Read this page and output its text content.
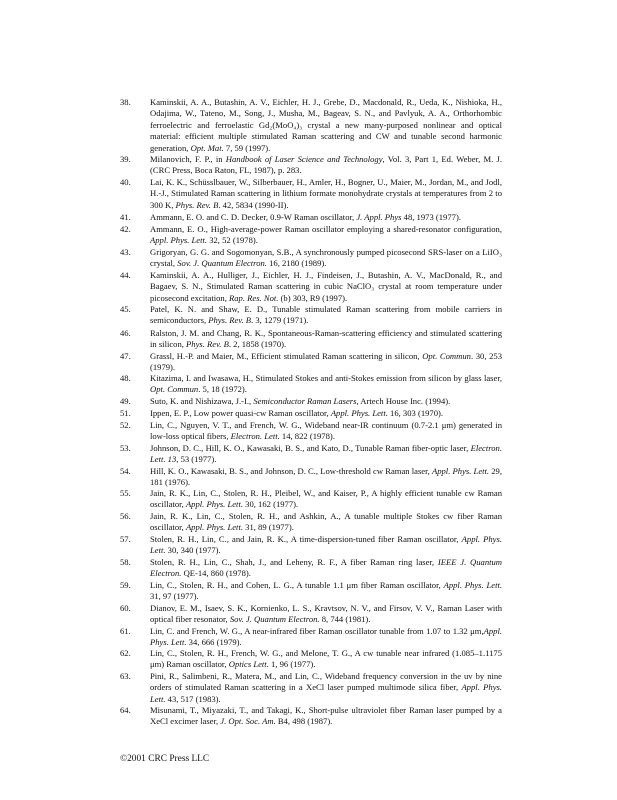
38. Kaminskii, A. A., Butashin, A. V., Eichler, H. J., Grebe, D., Macdonald, R., Ueda, K., Nishioka, H., Odajima, W., Tateno, M., Song, J., Musha, M., Bageav, S. N., and Pavlyuk, A. A., Orthorhombic ferroelectric and ferroelastic Gd₂(MoO₄)₃ crystal a new many-purposed nonlinear and optical material: efficient multiple stimulated Raman scattering and CW and tunable second harmonic generation, Opt. Mat. 7, 59 (1997).
39. Milanovich, F. P., in Handbook of Laser Science and Technology, Vol. 3, Part 1, Ed. Weber, M. J. (CRC Press, Boca Raton, FL, 1987), p. 283.
40. Lai, K. K., Schüsslbauer, W., Silberbauer, H., Amler, H., Bogner, U., Maier, M., Jordan, M., and Jodl, H.-J., Stimulated Raman scattering in lithium formate monohydrate crystals at temperatures from 2 to 300 K, Phys. Rev. B. 42, 5834 (1990-II).
41. Ammann, E. O. and C. D. Decker, 0.9-W Raman oscillator, J. Appl. Phys 48, 1973 (1977).
42. Ammann, E. O., High-average-power Raman oscillator employing a shared-resonator configuration, Appl. Phys. Lett. 32, 52 (1978).
43. Grigoryan, G. G. and Sogomonyan, S.B., A synchronously pumped picosecond SRS-laser on a LiIO₃ crystal, Sov. J. Quantum Electron. 16, 2180 (1989).
44. Kaminskii, A. A., Hulliger, J., Eichler, H. J., Findeisen, J., Butashin, A. V., MacDonald, R., and Bagaev, S. N., Stimulated Raman scattering in cubic NaClO₃ crystal at room temperature under picosecond excitation, Rap. Res. Not. (b) 303, R9 (1997).
45. Patel, K. N. and Shaw, E. D., Tunable stimulated Raman scattering from mobile carriers in semiconductors, Phys. Rev. B. 3, 1279 (1971).
46. Ralston, J. M. and Chang, R. K., Spontaneous-Raman-scattering efficiency and stimulated scattering in silicon, Phys. Rev. B. 2, 1858 (1970).
47. Grassl, H.-P. and Maier, M., Efficient stimulated Raman scattering in silicon, Opt. Commun. 30, 253 (1979).
48. Kitazima, I. and Iwasawa, H., Stimulated Stokes and anti-Stokes emission from silicon by glass laser, Opt. Commun. 5, 18 (1972).
49. Suto, K. and Nishizawa, J.-I., Semiconductor Raman Lasers, Artech House Inc. (1994).
51. Ippen, E. P., Low power quasi-cw Raman oscillator, Appl. Phys. Lett. 16, 303 (1970).
52. Lin, C., Nguyen, V. T., and French, W. G., Wideband near-IR continuum (0.7-2.1 μm) generated in low-loss optical fibers, Electron. Lett. 14, 822 (1978).
53. Johnson, D. C., Hill, K. O., Kawasaki, B. S., and Kato, D., Tunable Raman fiber-optic laser, Electron. Lett. 13, 53 (1977).
54. Hill, K. O., Kawasaki, B. S., and Johnson, D. C., Low-threshold cw Raman laser, Appl. Phys. Lett. 29, 181 (1976).
55. Jain, R. K., Lin, C., Stolen, R. H., Pleibel, W., and Kaiser, P., A highly efficient tunable cw Raman oscillator, Appl. Phys. Lett. 30, 162 (1977).
56. Jain, R. K., Lin, C., Stolen, R. H., and Ashkin, A., A tunable multiple Stokes cw fiber Raman oscillator, Appl. Phys. Lett. 31, 89 (1977).
57. Stolen, R. H., Lin, C., and Jain, R. K., A time-dispersion-tuned fiber Raman oscillator, Appl. Phys. Lett. 30, 340 (1977).
58. Stolen, R. H., Lin, C., Shah, J., and Leheny, R. F., A fiber Raman ring laser, IEEE J. Quantum Electron. QE-14, 860 (1978).
59. Lin, C., Stolen, R. H., and Cohen, L. G., A tunable 1.1 μm fiber Raman oscillator, Appl. Phys. Lett. 31, 97 (1977).
60. Dianov, E. M., Isaev, S. K., Kornienko, L. S., Kravtsov, N. V., and Firsov, V. V., Raman Laser with optical fiber resonator, Sov. J. Quantum Electron. 8, 744 (1981).
61. Lin, C. and French, W. G., A near-infrared fiber Raman oscillator tunable from 1.07 to 1.32 μm,Appl. Phys. Lett. 34, 666 (1979).
62. Lin, C., Stolen, R. H., French, W. G., and Melone, T. G., A cw tunable near infrared (1.085–1.1175 μm) Raman oscillator, Optics Lett. 1, 96 (1977).
63. Pini, R., Salimbeni, R., Matera, M., and Lin, C., Wideband frequency conversion in the uv by nine orders of stimulated Raman scattering in a XeCl laser pumped multimode silica fiber, Appl. Phys. Lett. 43, 517 (1983).
64. Misunami, T., Miyazaki, T., and Takagi, K., Short-pulse ultraviolet fiber Raman laser pumped by a XeCl excimer laser, J. Opt. Soc. Am. B4, 498 (1987).
©2001 CRC Press LLC
